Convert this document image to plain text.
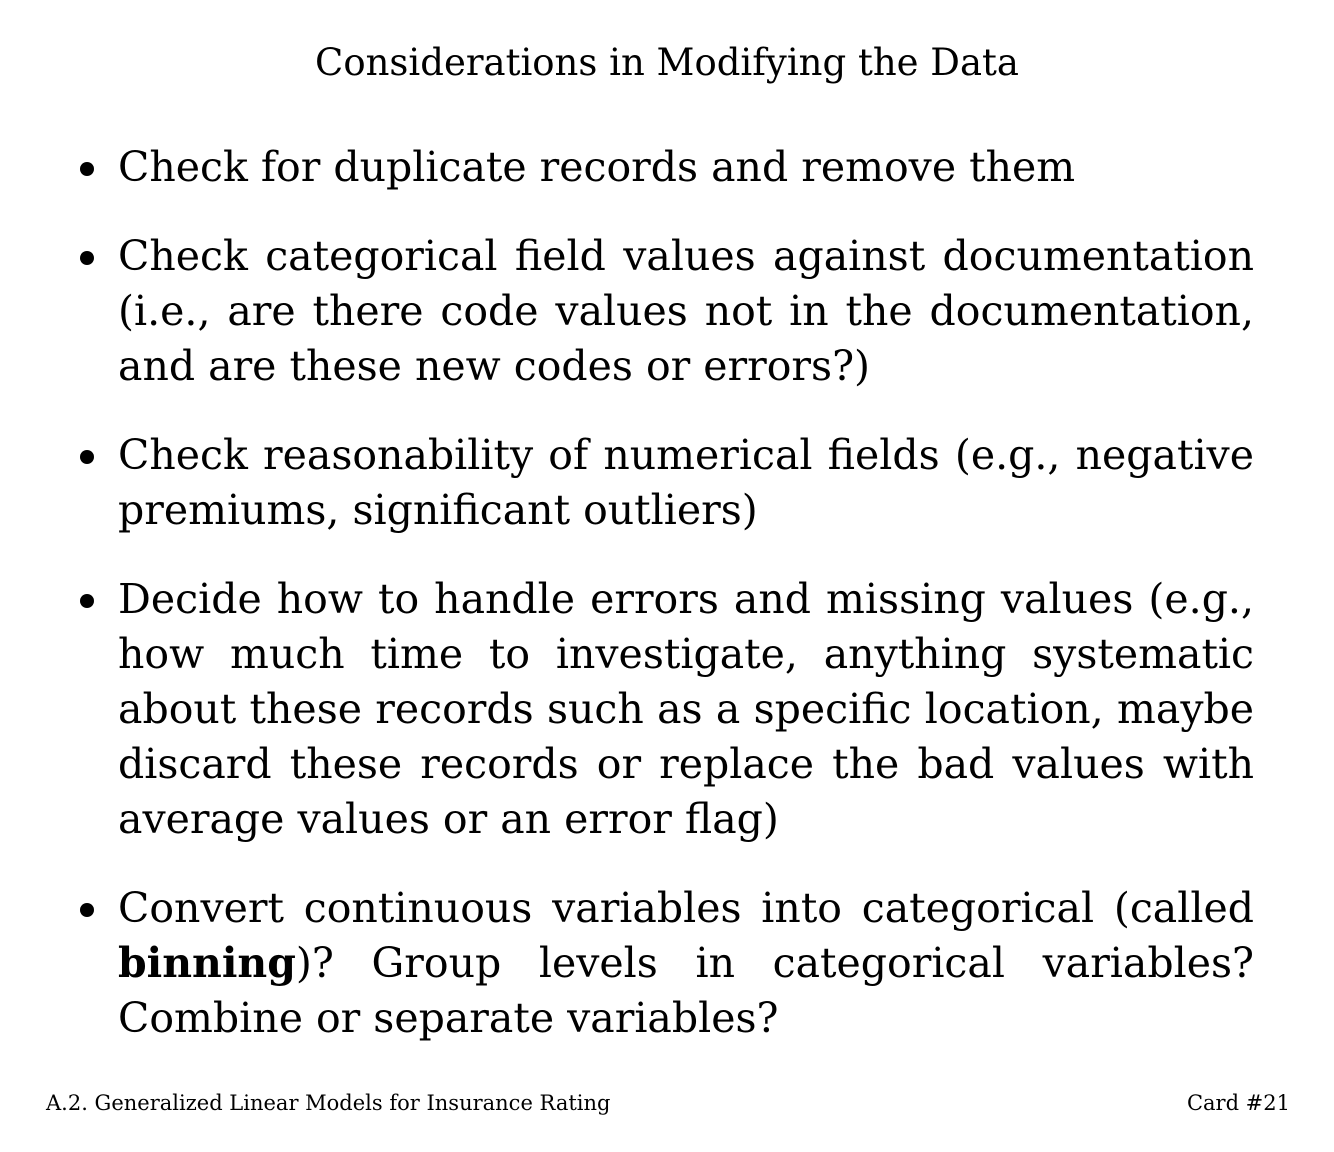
Considerations in Modifying the Data
Check for duplicate records and remove them
Check categorical field values against documentation (i.e., are there code values not in the documentation, and are these new codes or errors?)
Check reasonability of numerical fields (e.g., negative premiums, significant outliers)
Decide how to handle errors and missing values (e.g., how much time to investigate, anything systematic about these records such as a specific location, maybe discard these records or replace the bad values with average values or an error flag)
Convert continuous variables into categorical (called binning)? Group levels in categorical variables? Combine or separate variables?
A.2. Generalized Linear Models for Insurance Rating	Card #21
